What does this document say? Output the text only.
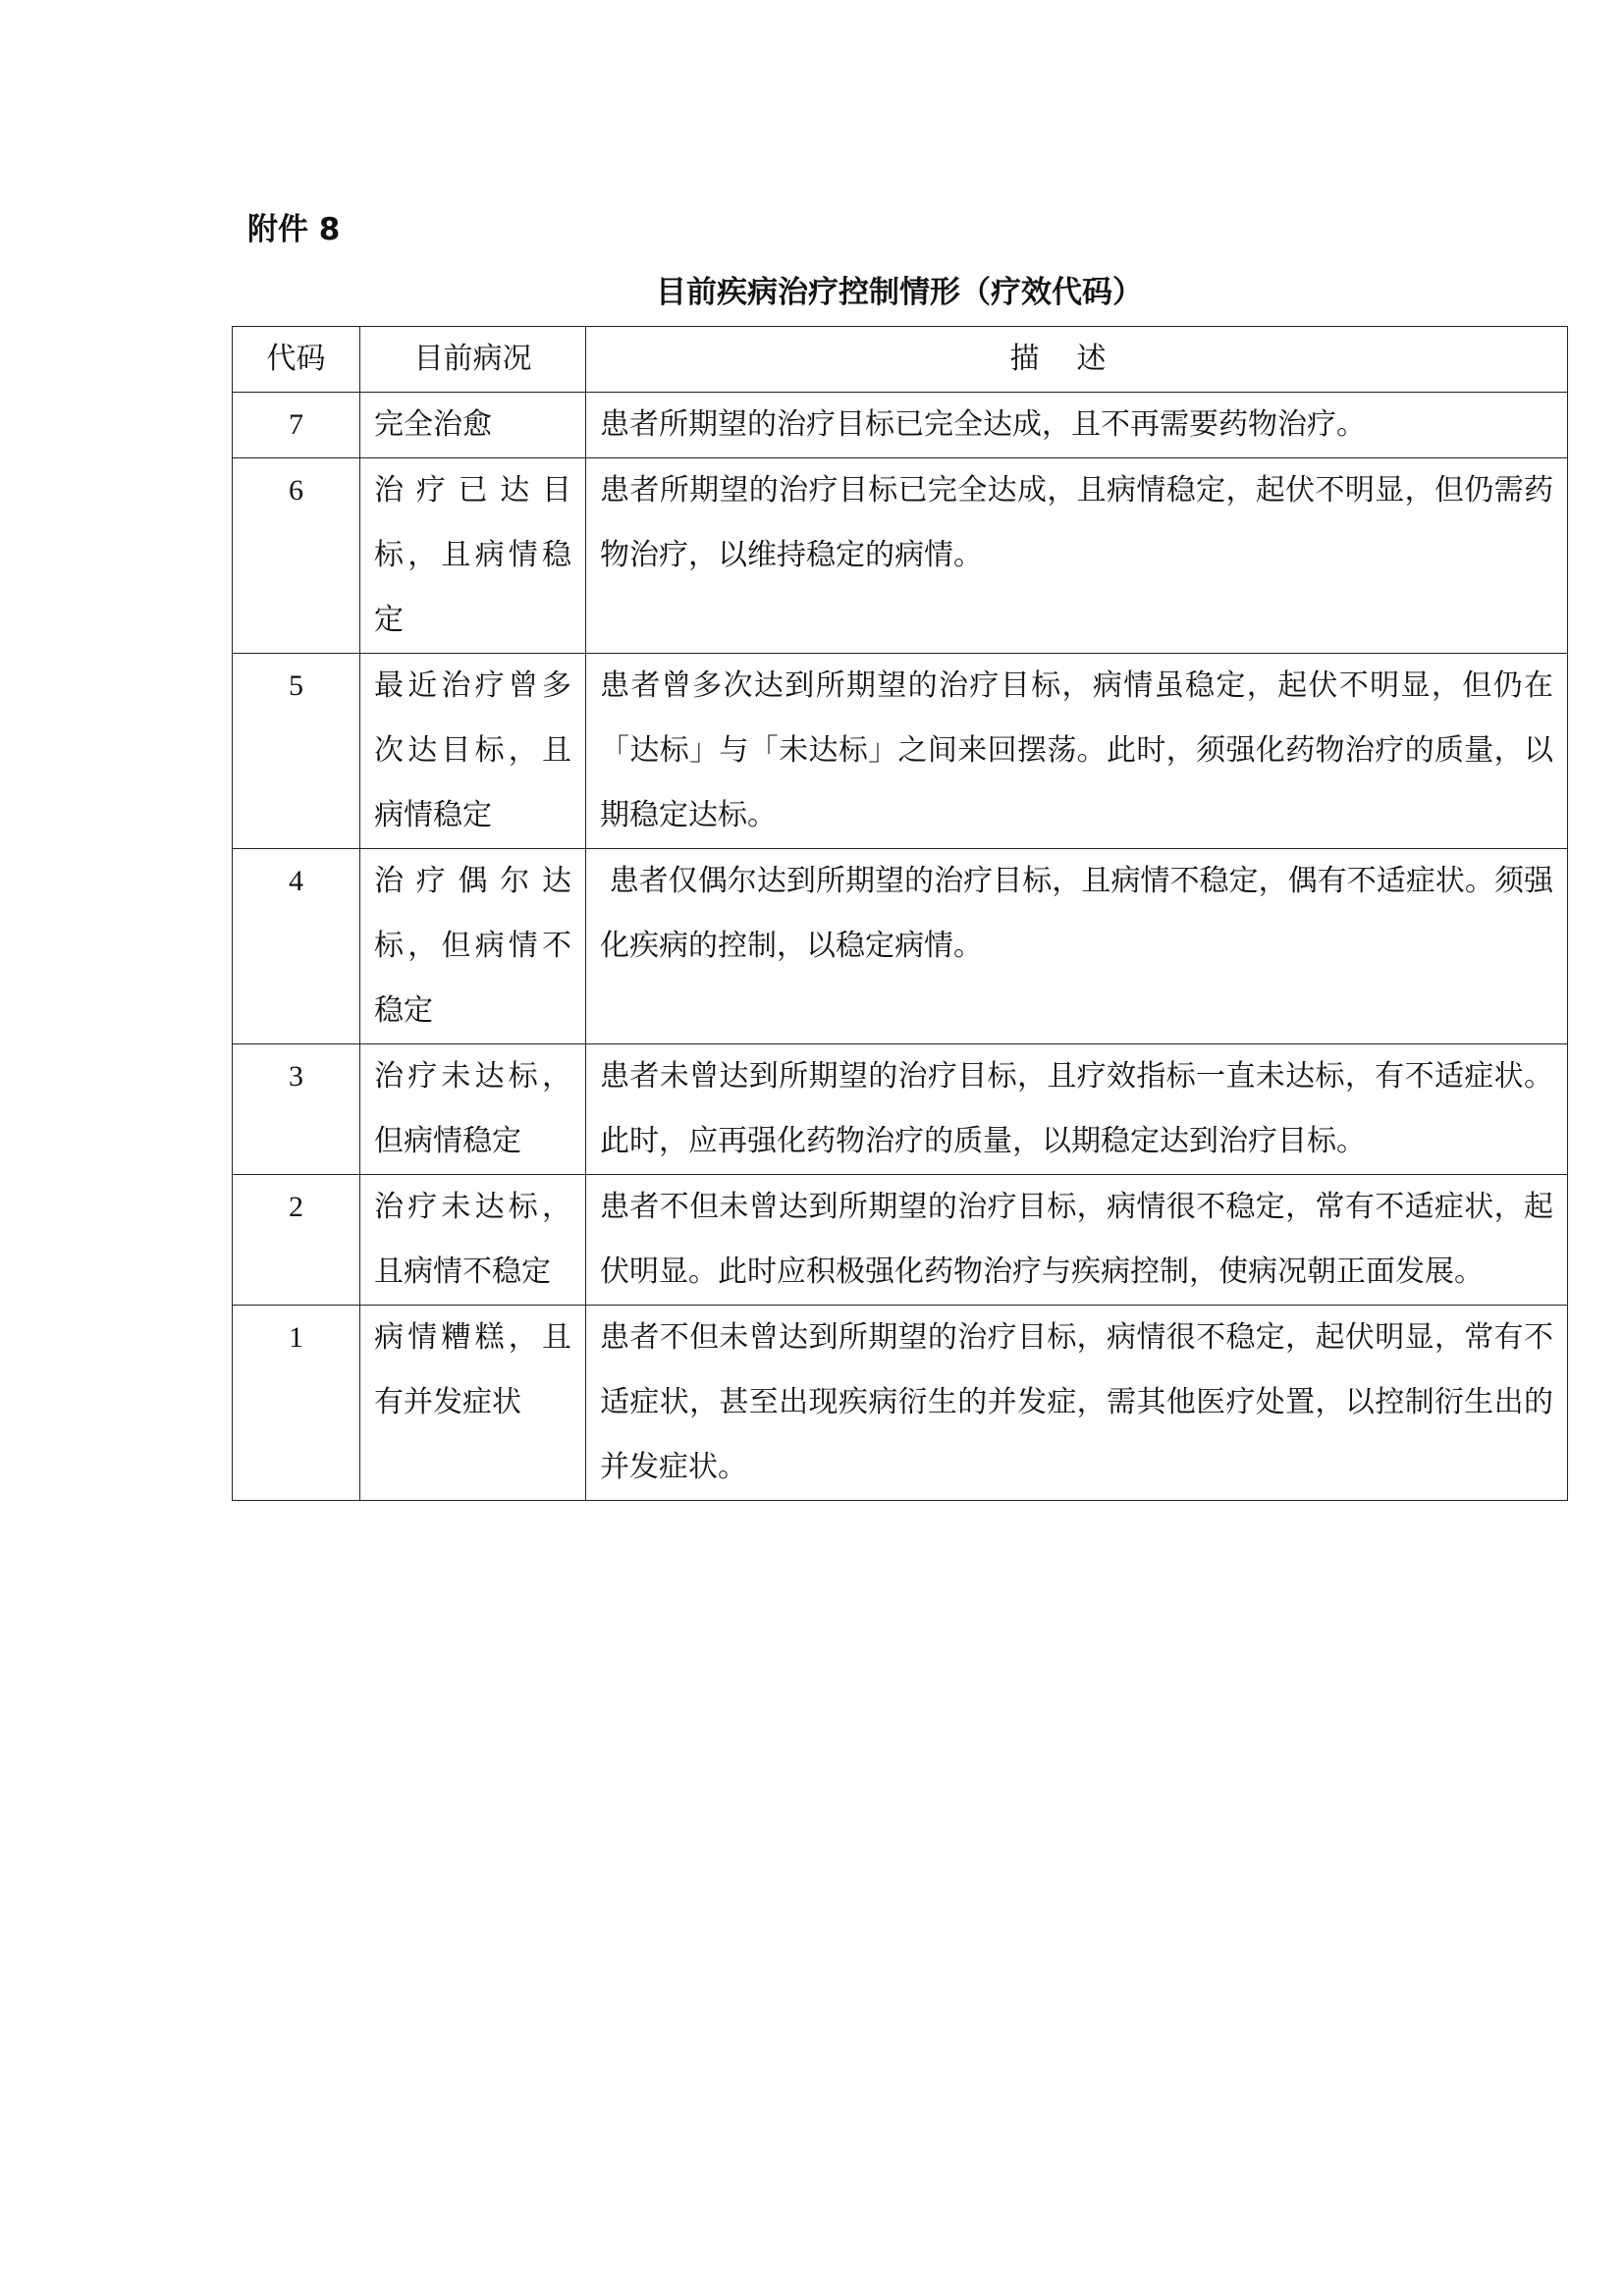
附件 8
目前疾病治疗控制情形（疗效代码）
代码	目前病况	描述
7	完全治愈	患者所期望的治疗目标已完全达成，且不再需要药物治疗。
6	治疗已达目标，且病情稳定	患者所期望的治疗目标已完全达成，且病情稳定，起伏不明显，但仍需药物治疗，以维持稳定的病情。
5	最近治疗曾多次达目标，且病情稳定	患者曾多次达到所期望的治疗目标，病情虽稳定，起伏不明显，但仍在「达标」与「未达标」之间来回摆荡。此时，须强化药物治疗的质量，以期稳定达标。
4	治疗偶尔达标，但病情不稳定	患者仅偶尔达到所期望的治疗目标，且病情不稳定，偶有不适症状。须强化疾病的控制，以稳定病情。
3	治疗未达标，但病情稳定	患者未曾达到所期望的治疗目标，且疗效指标一直未达标，有不适症状。此时，应再强化药物治疗的质量，以期稳定达到治疗目标。
2	治疗未达标，且病情不稳定	患者不但未曾达到所期望的治疗目标，病情很不稳定，常有不适症状，起伏明显。此时应积极强化药物治疗与疾病控制，使病况朝正面发展。
1	病情糟糕，且有并发症状	患者不但未曾达到所期望的治疗目标，病情很不稳定，起伏明显，常有不适症状，甚至出现疾病衍生的并发症，需其他医疗处置，以控制衍生出的并发症状。
